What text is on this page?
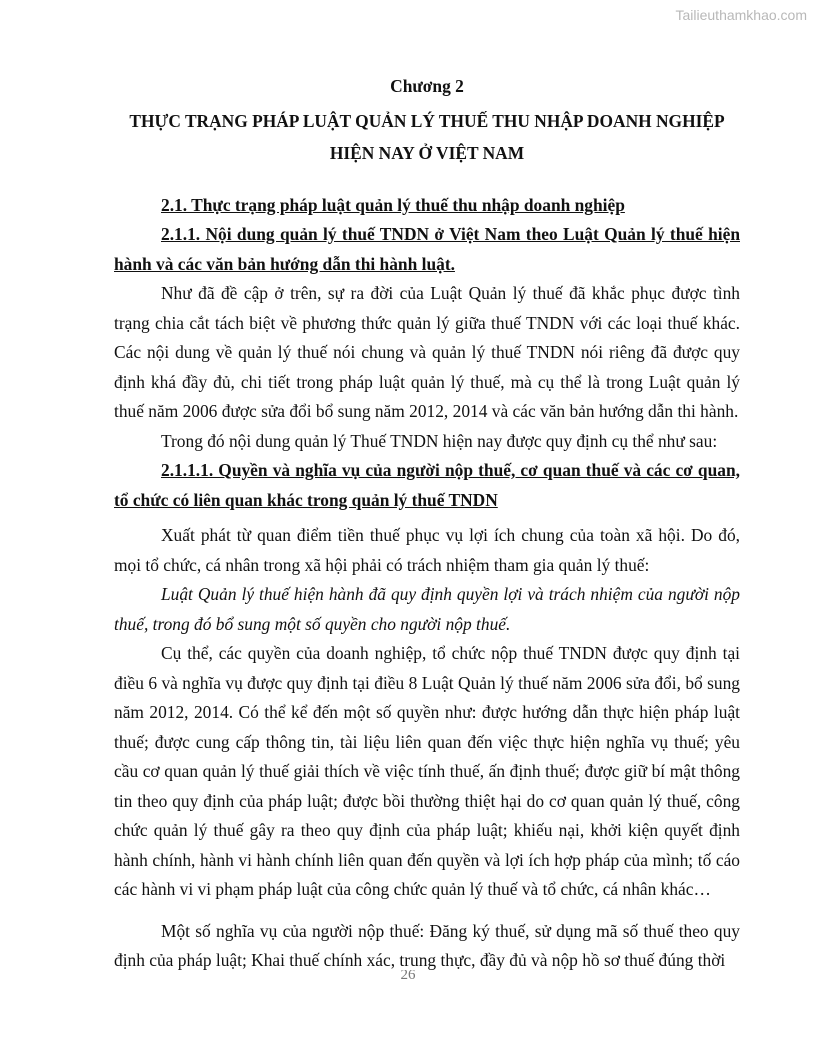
Tailieuthamkhao.com
Chương 2
THỰC TRẠNG PHÁP LUẬT QUẢN LÝ THUẾ THU NHẬP DOANH NGHIỆP
HIỆN NAY Ở VIỆT NAM
2.1. Thực trạng pháp luật quản lý thuế thu nhập doanh nghiệp
2.1.1. Nội dung quản lý thuế TNDN ở Việt Nam theo Luật Quản lý thuế hiện hành và các văn bản hướng dẫn thi hành luật.

Như đã đề cập ở trên, sự ra đời của Luật Quản lý thuế đã khắc phục được tình trạng chia cắt tách biệt về phương thức quản lý giữa thuế TNDN với các loại thuế khác. Các nội dung về quản lý thuế nói chung và quản lý thuế TNDN nói riêng đã được quy định khá đầy đủ, chi tiết trong pháp luật quản lý thuế, mà cụ thể là trong Luật quản lý thuế năm 2006 được sửa đổi bổ sung năm 2012, 2014 và các văn bản hướng dẫn thi hành.

Trong đó nội dung quản lý Thuế TNDN hiện nay được quy định cụ thể như sau:

2.1.1.1. Quyền và nghĩa vụ của người nộp thuế, cơ quan thuế và các cơ quan, tổ chức có liên quan khác trong quản lý thuế TNDN

Xuất phát từ quan điểm tiền thuế phục vụ lợi ích chung của toàn xã hội. Do đó, mọi tổ chức, cá nhân trong xã hội phải có trách nhiệm tham gia quản lý thuế:

Luật Quản lý thuế hiện hành đã quy định quyền lợi và trách nhiệm của người nộp thuế, trong đó bổ sung một số quyền cho người nộp thuế.

Cụ thể, các quyền của doanh nghiệp, tổ chức nộp thuế TNDN được quy định tại điều 6 và nghĩa vụ được quy định tại điều 8 Luật Quản lý thuế năm 2006 sửa đổi, bổ sung năm 2012, 2014. Có thể kể đến một số quyền như: được hướng dẫn thực hiện pháp luật thuế; được cung cấp thông tin, tài liệu liên quan đến việc thực hiện nghĩa vụ thuế; yêu cầu cơ quan quản lý thuế giải thích về việc tính thuế, ấn định thuế; được giữ bí mật thông tin theo quy định của pháp luật; được bồi thường thiệt hại do cơ quan quản lý thuế, công chức quản lý thuế gây ra theo quy định của pháp luật; khiếu nại, khởi kiện quyết định hành chính, hành vi hành chính liên quan đến quyền và lợi ích hợp pháp của mình; tố cáo các hành vi vi phạm pháp luật của công chức quản lý thuế và tổ chức, cá nhân khác…

Một số nghĩa vụ của người nộp thuế: Đăng ký thuế, sử dụng mã số thuế theo quy định của pháp luật; Khai thuế chính xác, trung thực, đầy đủ và nộp hồ sơ thuế đúng thời

26
